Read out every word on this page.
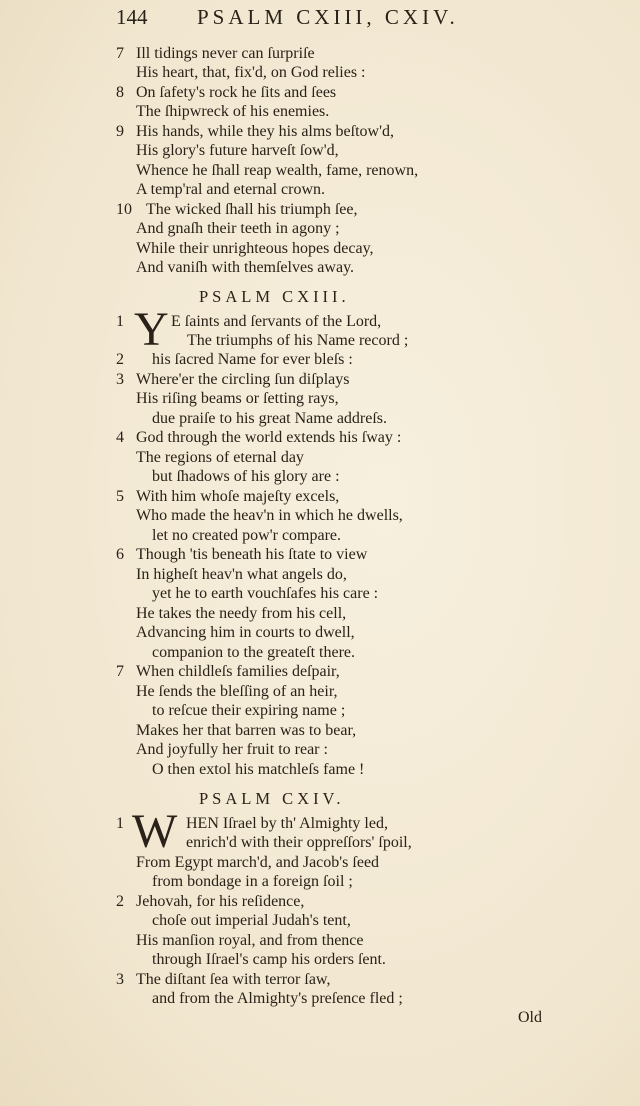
144 PSALM CXIII, CXIV.
7 Ill tidings never can ſurpriſe
His heart, that, fix'd, on God relies :
8 On ſafety's rock he ſits and ſees
The ſhipwreck of his enemies.
9 His hands, while they his alms beſtow'd,
His glory's future harveſt ſow'd,
Whence he ſhall reap wealth, fame, renown,
A temp'ral and eternal crown.
10 The wicked ſhall his triumph ſee,
And gnaſh their teeth in agony ;
While their unrighteous hopes decay,
And vaniſh with themſelves away.
PSALM CXIII.
1 Y E ſaints and ſervants of the Lord,
The triumphs of his Name record ;
2 his ſacred Name for ever bleſs :
3 Where'er the circling ſun diſplays
His riſing beams or ſetting rays,
due praiſe to his great Name addreſs.
4 God through the world extends his ſway :
The regions of eternal day
but ſhadows of his glory are :
5 With him whoſe majeſty excels,
Who made the heav'n in which he dwells,
let no created pow'r compare.
6 Though 'tis beneath his ſtate to view
In higheſt heav'n what angels do,
yet he to earth vouchſafes his care :
He takes the needy from his cell,
Advancing him in courts to dwell,
companion to the greateſt there.
7 When childleſs families deſpair,
He ſends the bleſſing of an heir,
to reſcue their expiring name ;
Makes her that barren was to bear,
And joyfully her fruit to rear :
O then extol his matchleſs fame !
PSALM CXIV.
1 W HEN Iſrael by th' Almighty led,
enrich'd with their oppreſſors' ſpoil,
From Egypt march'd, and Jacob's ſeed
from bondage in a foreign ſoil ;
2 Jehovah, for his reſidence,
choſe out imperial Judah's tent,
His manſion royal, and from thence
through Iſrael's camp his orders ſent.
3 The diſtant ſea with terror ſaw,
and from the Almighty's preſence fled ;
Old
